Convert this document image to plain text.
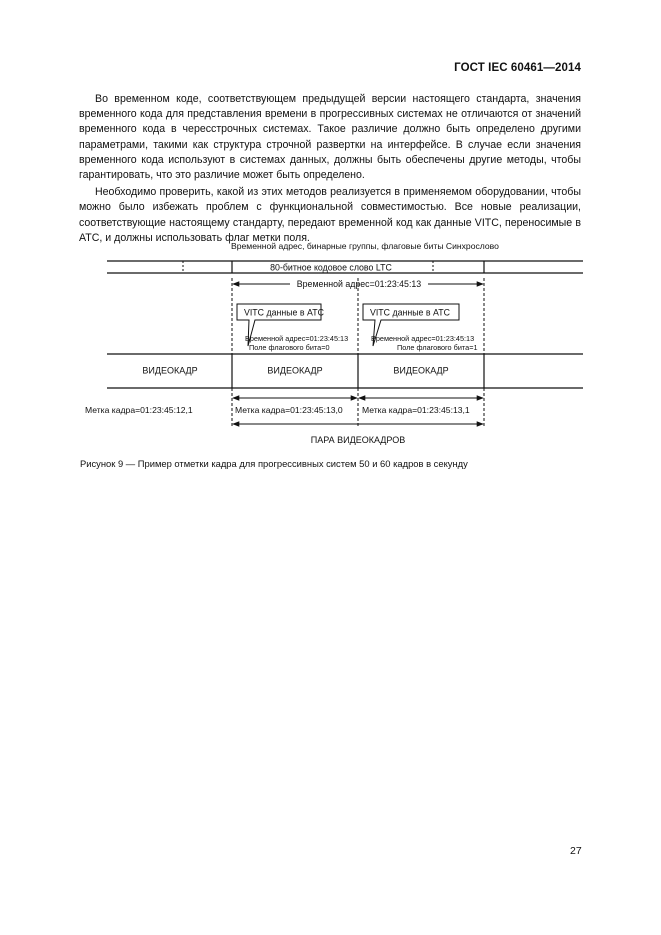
ГОСТ IEC 60461—2014

Во временном коде, соответствующем предыдущей версии настоящего стандарта, значения временного кода для представления времени в прогрессивных системах не отличаются от значений временного кода в чересстрочных системах. Такое различие должно быть определено другими параметрами, такими как структура строчной развертки на интерфейсе. В случае если значения временного кода используют в системах данных, должны быть обеспечены другие методы, чтобы гарантировать, что это различие может быть определено.

Необходимо проверить, какой из этих методов реализуется в применяемом оборудовании, чтобы можно было избежать проблем с функциональной совместимостью. Все новые реализации, соответствующие настоящему стандарту, передают временной код как данные VITC, переносимые в ATC, и должны использовать флаг метки поля.

Временной адрес, бинарные группы, флаговые биты Синхрослово
80-битное кодовое слово LTC
Временной адрес=01:23:45:13
VITC данные в ATC
Временной адрес=01:23:45:13
Поле флагового бита=0
VITC данные в ATC
Временной адрес=01:23:45:13
Поле флагового бита=1
ВИДЕОКАДР	ВИДЕОКАДР	ВИДЕОКАДР
Метка кадра=01:23:45:12,1	Метка кадра=01:23:45:13,0 Метка кадра=01:23:45:13,1
ПАРА ВИДЕОКАДРОВ
Рисунок 9 — Пример отметки кадра для прогрессивных систем 50 и 60 кадров в секунду
27
